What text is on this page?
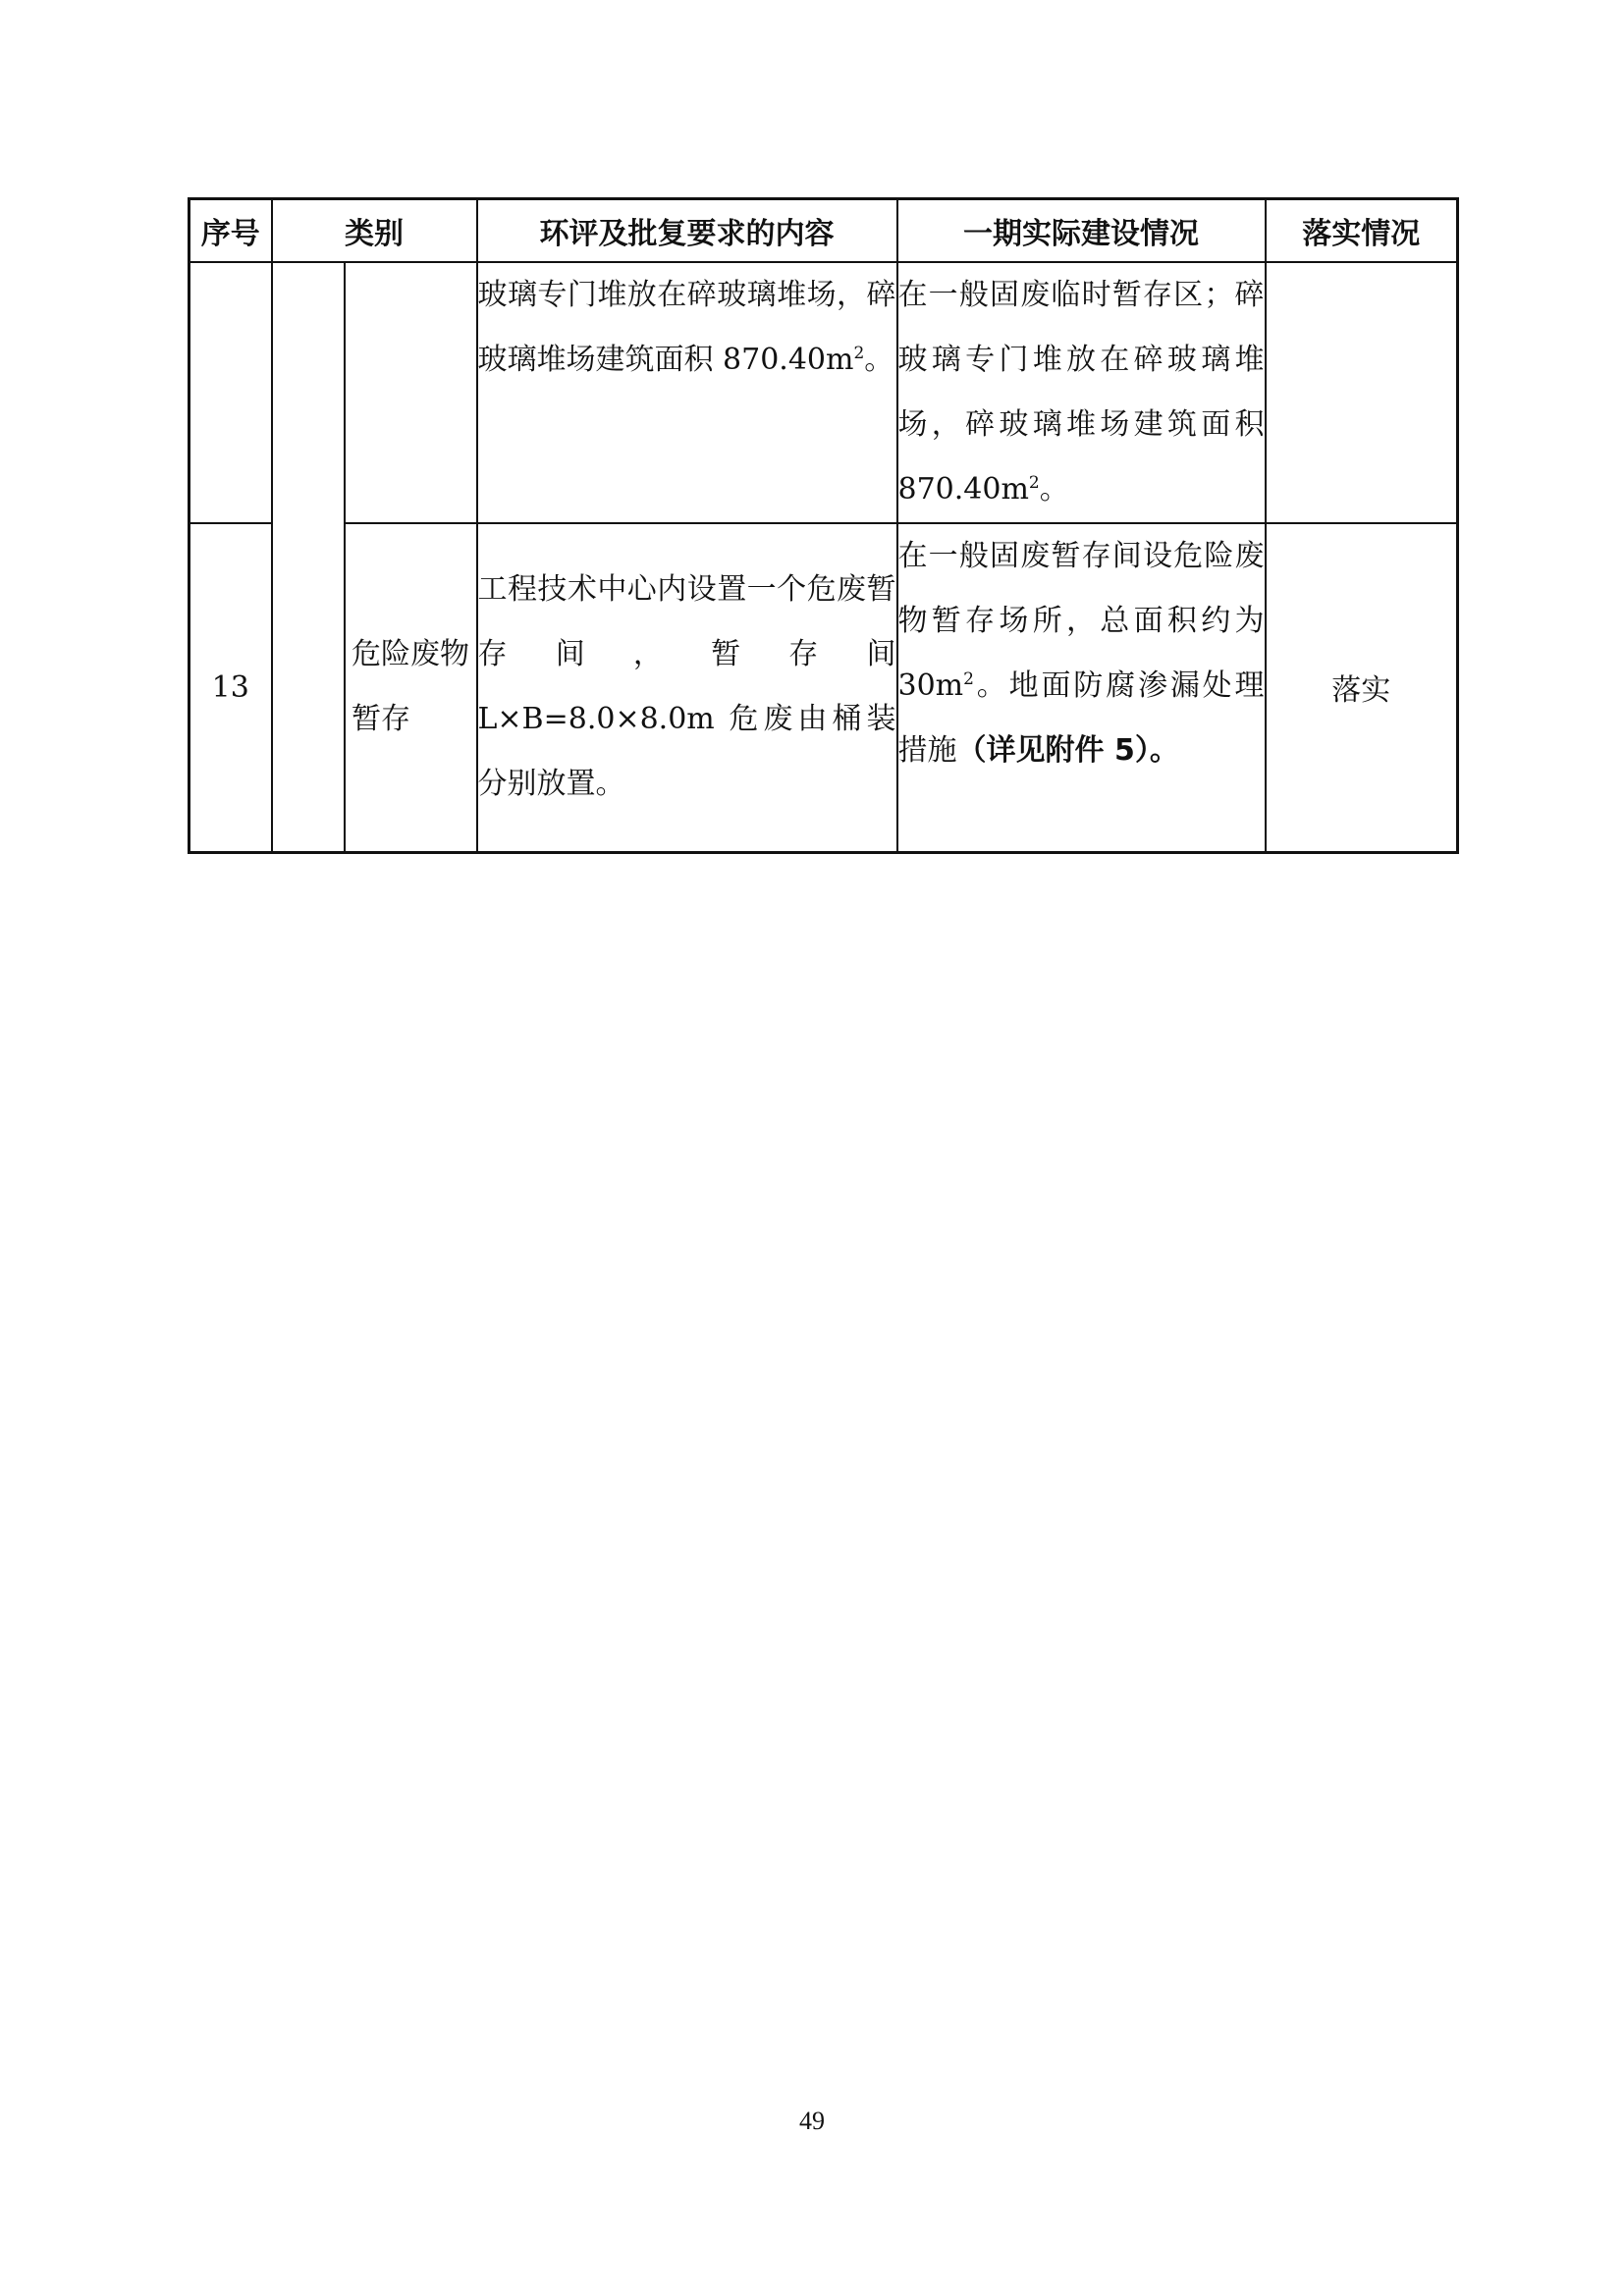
序号	类别		环评及批复要求的内容	一期实际建设情况	落实情况
			玻璃专门堆放在碎玻璃堆场，碎玻璃堆场建筑面积 $870.40m^2$。	在一般固废临时暂存区；碎玻璃专门堆放在碎玻璃堆场，碎玻璃堆场建筑面积 $870.40m^2$。	
13		危险废物暂存	工程技术中心内设置一个危废暂存间，暂存间 L×B=8.0×8.0m 危废由桶装分别放置。	在一般固废暂存间设危险废物暂存场所，总面积约为 $30m^2$。地面防腐渗漏处理措施（详见附件 5）。	落实
49
